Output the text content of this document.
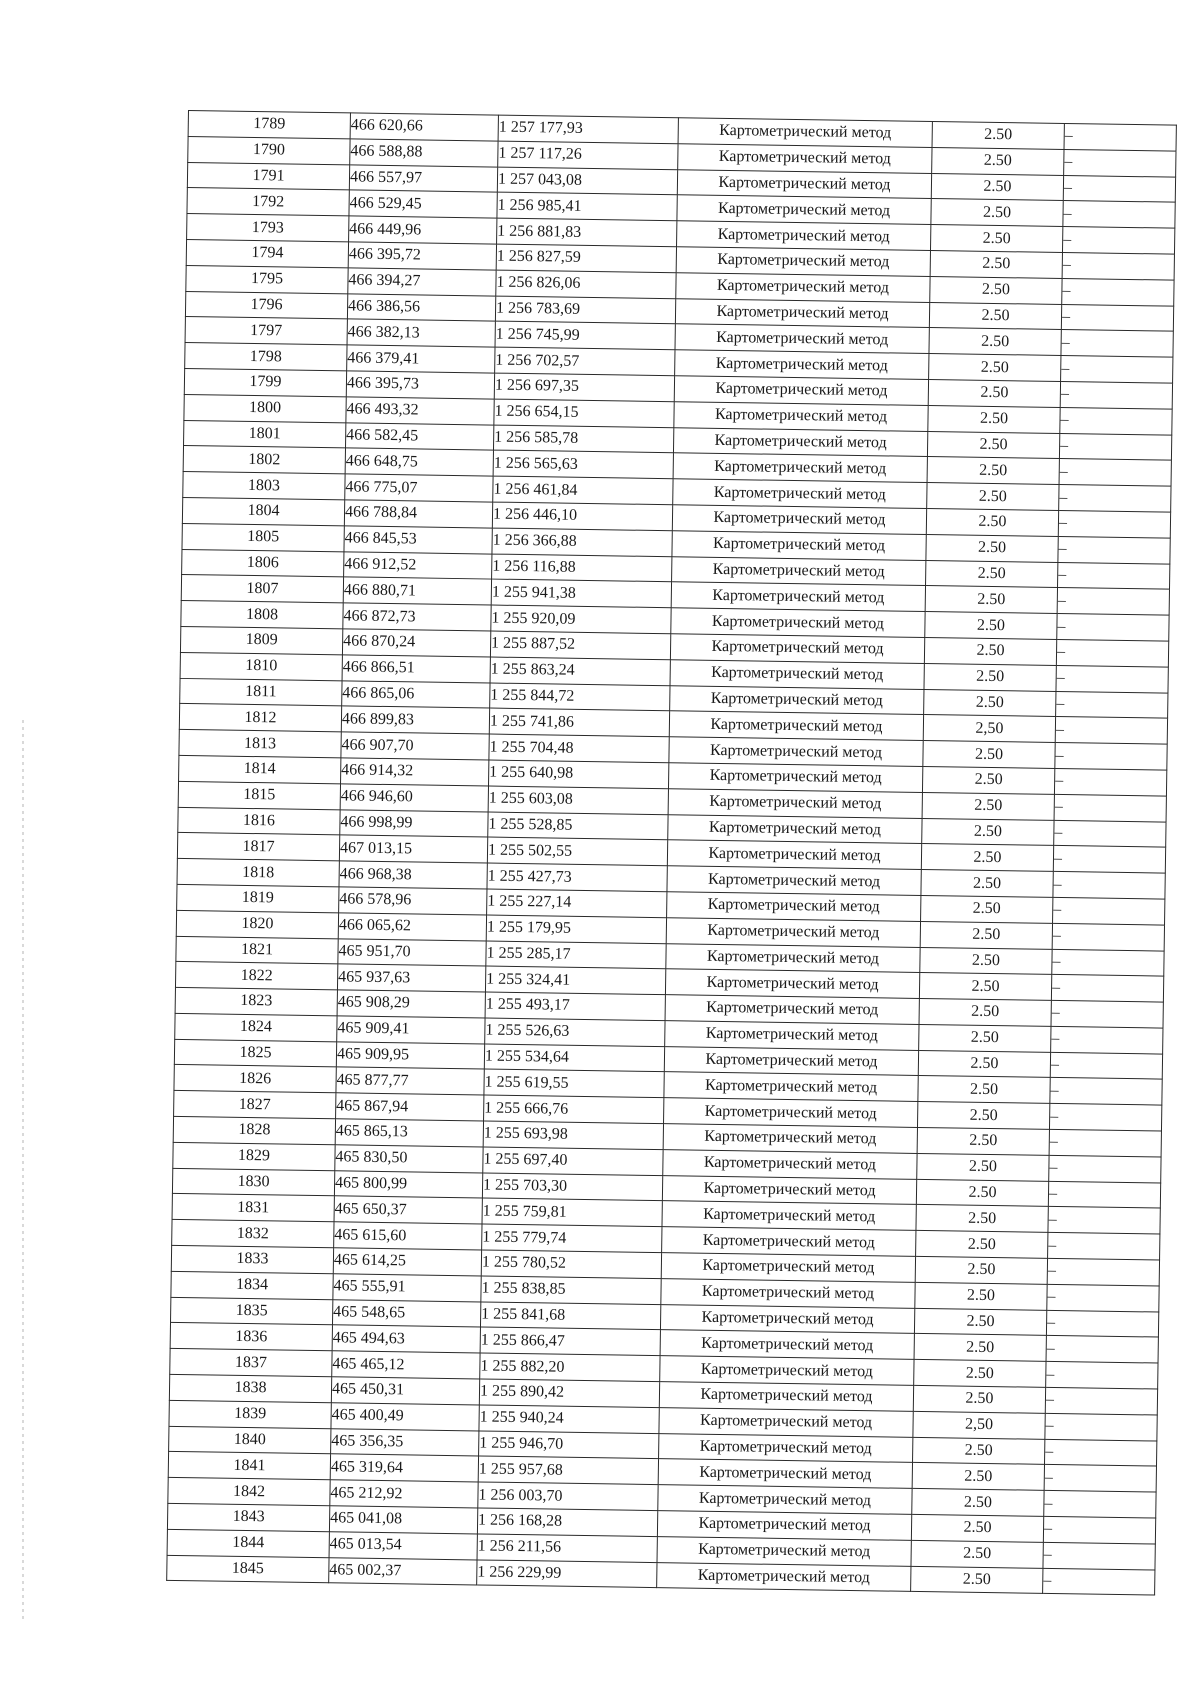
1789	466 620,66	1 257 177,93	Картометрический метод	2.50	–
1790	466 588,88	1 257 117,26	Картометрический метод	2.50	–
1791	466 557,97	1 257 043,08	Картометрический метод	2.50	–
1792	466 529,45	1 256 985,41	Картометрический метод	2.50	–
1793	466 449,96	1 256 881,83	Картометрический метод	2.50	–
1794	466 395,72	1 256 827,59	Картометрический метод	2.50	–
1795	466 394,27	1 256 826,06	Картометрический метод	2.50	–
1796	466 386,56	1 256 783,69	Картометрический метод	2.50	–
1797	466 382,13	1 256 745,99	Картометрический метод	2.50	–
1798	466 379,41	1 256 702,57	Картометрический метод	2.50	–
1799	466 395,73	1 256 697,35	Картометрический метод	2.50	–
1800	466 493,32	1 256 654,15	Картометрический метод	2.50	–
1801	466 582,45	1 256 585,78	Картометрический метод	2.50	–
1802	466 648,75	1 256 565,63	Картометрический метод	2.50	–
1803	466 775,07	1 256 461,84	Картометрический метод	2.50	–
1804	466 788,84	1 256 446,10	Картометрический метод	2.50	–
1805	466 845,53	1 256 366,88	Картометрический метод	2.50	–
1806	466 912,52	1 256 116,88	Картометрический метод	2.50	–
1807	466 880,71	1 255 941,38	Картометрический метод	2.50	–
1808	466 872,73	1 255 920,09	Картометрический метод	2.50	–
1809	466 870,24	1 255 887,52	Картометрический метод	2.50	–
1810	466 866,51	1 255 863,24	Картометрический метод	2.50	–
1811	466 865,06	1 255 844,72	Картометрический метод	2.50	–
1812	466 899,83	1 255 741,86	Картометрический метод	2,50	–
1813	466 907,70	1 255 704,48	Картометрический метод	2.50	–
1814	466 914,32	1 255 640,98	Картометрический метод	2.50	–
1815	466 946,60	1 255 603,08	Картометрический метод	2.50	–
1816	466 998,99	1 255 528,85	Картометрический метод	2.50	–
1817	467 013,15	1 255 502,55	Картометрический метод	2.50	–
1818	466 968,38	1 255 427,73	Картометрический метод	2.50	–
1819	466 578,96	1 255 227,14	Картометрический метод	2.50	–
1820	466 065,62	1 255 179,95	Картометрический метод	2.50	–
1821	465 951,70	1 255 285,17	Картометрический метод	2.50	–
1822	465 937,63	1 255 324,41	Картометрический метод	2.50	–
1823	465 908,29	1 255 493,17	Картометрический метод	2.50	–
1824	465 909,41	1 255 526,63	Картометрический метод	2.50	–
1825	465 909,95	1 255 534,64	Картометрический метод	2.50	–
1826	465 877,77	1 255 619,55	Картометрический метод	2.50	–
1827	465 867,94	1 255 666,76	Картометрический метод	2.50	–
1828	465 865,13	1 255 693,98	Картометрический метод	2.50	–
1829	465 830,50	1 255 697,40	Картометрический метод	2.50	–
1830	465 800,99	1 255 703,30	Картометрический метод	2.50	–
1831	465 650,37	1 255 759,81	Картометрический метод	2.50	–
1832	465 615,60	1 255 779,74	Картометрический метод	2.50	–
1833	465 614,25	1 255 780,52	Картометрический метод	2.50	–
1834	465 555,91	1 255 838,85	Картометрический метод	2.50	–
1835	465 548,65	1 255 841,68	Картометрический метод	2.50	–
1836	465 494,63	1 255 866,47	Картометрический метод	2.50	–
1837	465 465,12	1 255 882,20	Картометрический метод	2.50	–
1838	465 450,31	1 255 890,42	Картометрический метод	2.50	–
1839	465 400,49	1 255 940,24	Картометрический метод	2,50	–
1840	465 356,35	1 255 946,70	Картометрический метод	2.50	–
1841	465 319,64	1 255 957,68	Картометрический метод	2.50	–
1842	465 212,92	1 256 003,70	Картометрический метод	2.50	–
1843	465 041,08	1 256 168,28	Картометрический метод	2.50	–
1844	465 013,54	1 256 211,56	Картометрический метод	2.50	–
1845	465 002,37	1 256 229,99	Картометрический метод	2.50	–
